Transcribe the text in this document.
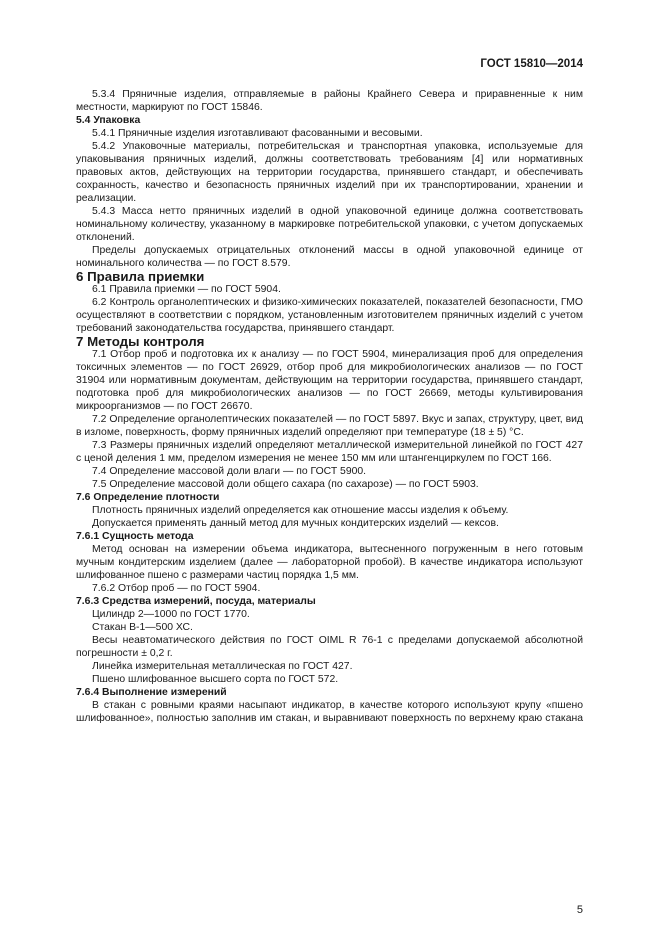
ГОСТ 15810—2014

5.3.4 Пряничные изделия, отправляемые в районы Крайнего Севера и приравненные к ним местности, маркируют по ГОСТ 15846.

5.4 Упаковка

5.4.1 Пряничные изделия изготавливают фасованными и весовыми.

5.4.2 Упаковочные материалы, потребительская и транспортная упаковка, используемые для упаковывания пряничных изделий, должны соответствовать требованиям [4] или нормативных правовых актов, действующих на территории государства, принявшего стандарт, и обеспечивать сохранность, качество и безопасность пряничных изделий при их транспортировании, хранении и реализации.

5.4.3 Масса нетто пряничных изделий в одной упаковочной единице должна соответствовать номинальному количеству, указанному в маркировке потребительской упаковки, с учетом допускаемых отклонений.

Пределы допускаемых отрицательных отклонений массы в одной упаковочной единице от номинального количества — по ГОСТ 8.579.

6 Правила приемки

6.1 Правила приемки — по ГОСТ 5904.

6.2 Контроль органолептических и физико-химических показателей, показателей безопасности, ГМО осуществляют в соответствии с порядком, установленным изготовителем пряничных изделий с учетом требований законодательства государства, принявшего стандарт.

7 Методы контроля

7.1 Отбор проб и подготовка их к анализу — по ГОСТ 5904, минерализация проб для определения токсичных элементов — по ГОСТ 26929, отбор проб для микробиологических анализов — по ГОСТ 31904 или нормативным документам, действующим на территории государства, принявшего стандарт, подготовка проб для микробиологических анализов — по ГОСТ 26669, методы культивирования микроорганизмов — по ГОСТ 26670.

7.2 Определение органолептических показателей — по ГОСТ 5897. Вкус и запах, структуру, цвет, вид в изломе, поверхность, форму пряничных изделий определяют при температуре (18 ± 5) °С.

7.3 Размеры пряничных изделий определяют металлической измерительной линейкой по ГОСТ 427 с ценой деления 1 мм, пределом измерения не менее 150 мм или штангенциркулем по ГОСТ 166.

7.4 Определение массовой доли влаги — по ГОСТ 5900.

7.5 Определение массовой доли общего сахара (по сахарозе) — по ГОСТ 5903.

7.6 Определение плотности

Плотность пряничных изделий определяется как отношение массы изделия к объему.

Допускается применять данный метод для мучных кондитерских изделий — кексов.

7.6.1 Сущность метода

Метод основан на измерении объема индикатора, вытесненного погруженным в него готовым мучным кондитерским изделием (далее — лабораторной пробой). В качестве индикатора используют шлифованное пшено с размерами частиц порядка 1,5 мм.

7.6.2 Отбор проб — по ГОСТ 5904.

7.6.3 Средства измерений, посуда, материалы

Цилиндр 2—1000 по ГОСТ 1770.

Стакан В-1—500 ХС.

Весы неавтоматического действия по ГОСТ OIML R 76-1 с пределами допускаемой абсолютной погрешности ± 0,2 г.

Линейка измерительная металлическая по ГОСТ 427.

Пшено шлифованное высшего сорта по ГОСТ 572.

7.6.4 Выполнение измерений

В стакан с ровными краями насыпают индикатор, в качестве которого используют крупу «пшено шлифованное», полностью заполнив им стакан, и выравнивают поверхность по верхнему краю стакана

5
